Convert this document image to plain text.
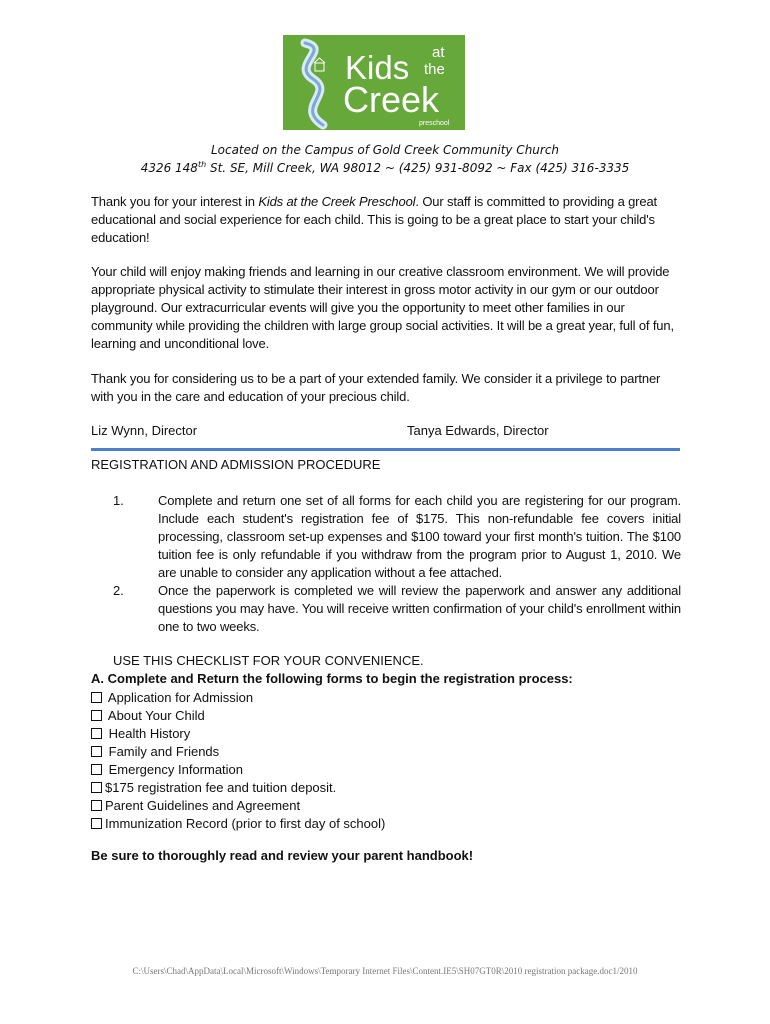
Kids at
the
Creek
preschool
Located on the Campus of Gold Creek Community Church
4326 148th St. SE, Mill Creek, WA 98012 ~ (425) 931-8092 ~ Fax (425) 316-3335

Thank you for your interest in Kids at the Creek Preschool. Our staff is committed to providing a great educational and social experience for each child. This is going to be a great place to start your child's education!

Your child will enjoy making friends and learning in our creative classroom environment. We will provide appropriate physical activity to stimulate their interest in gross motor activity in our gym or our outdoor playground. Our extracurricular events will give you the opportunity to meet other families in our community while providing the children with large group social activities. It will be a great year, full of fun, learning and unconditional love.

Thank you for considering us to be a part of your extended family. We consider it a privilege to partner with you in the care and education of your precious child.

Liz Wynn, Director	Tanya Edwards, Director
REGISTRATION AND ADMISSION PROCEDURE
1.	Complete and return one set of all forms for each child you are registering for our program. Include each student's registration fee of $175. This non-refundable fee covers initial processing, classroom set-up expenses and $100 toward your first month's tuition. The $100 tuition fee is only refundable if you withdraw from the program prior to August 1, 2010. We are unable to consider any application without a fee attached.
2.	Once the paperwork is completed we will review the paperwork and answer any additional questions you may have. You will receive written confirmation of your child's enrollment within one to two weeks.
USE THIS CHECKLIST FOR YOUR CONVENIENCE.
A. Complete and Return the following forms to begin the registration process:
Application for Admission
About Your Child
Health History
Family and Friends
Emergency Information
$175 registration fee and tuition deposit.
Parent Guidelines and Agreement
Immunization Record (prior to first day of school)
Be sure to thoroughly read and review your parent handbook!
C:\Users\Chad\AppData\Local\Microsoft\Windows\Temporary Internet Files\Content.IE5\SH07GT0R\2010 registration package.doc1/2010
